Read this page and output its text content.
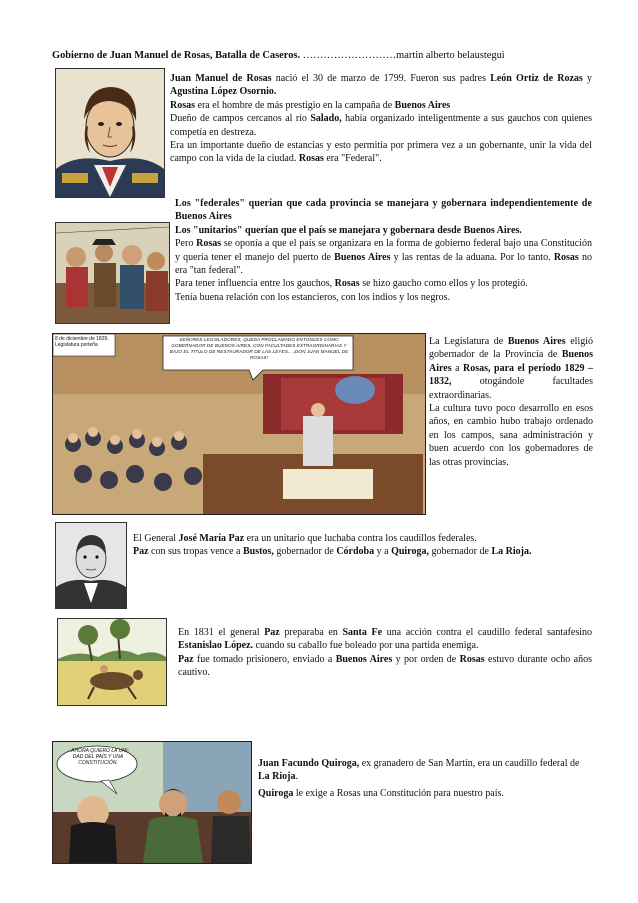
Gobierno de Juan Manuel de Rosas, Batalla de Caseros. ………………………martin alberto belaustegui

Juan Manuel de Rosas nació el 30 de marzo de 1799. Fueron sus padres León Ortiz de Rozas y Agustina López Osornio.

Rosas era el hombre de más prestigio en la campaña de Buenos Aires

Dueño de campos cercanos al río Salado, había organizado inteligentmente a sus gauchos con quienes competía en destreza.

Era un importante dueño de estancias y esto permitía por primera vez a un gobernante, unir la vida del campo con la vida de la ciudad. Rosas era "Federal".

Los "federales" querían que cada provincia se manejara y gobernara independientemente de Buenos Aires

Los "unitarios" querían que el país se manejara y gobernara desde Buenos Aires.

Pero Rosas se oponía a que el país se organizara en la forma de gobierno federal bajo una Constitución y quería tener el manejo del puerto de Buenos Aires y las rentas de la aduana. Por lo tanto. Rosas no era "tan federal".

Para tener influencia entre los gauchos, Rosas se hizo gaucho como ellos y los protegió.

Tenía buena relación con los estancieros, con los indios y los negros.

8 de diciembre de 1829. Legislatura porteña
SEÑORES LEGISLADORES, QUEDA PROCLAMADO ENTONCES COMO GOBERNADOR DE BUENOS AIRES, CON FACULTADES EXTRAORDINARIAS Y BAJO EL TÍTULO DE RESTAURADOR DE LAS LEYES... ¡DON JUAN MANUEL DE ROSAS!

La Legislatura de Buenos Aires eligió gobernador de la Provincia de Buenos Aires a Rosas, para el período 1829 – 1832, otogándole facultades extraordinarias.

La cultura tuvo poco desarrollo en esos años, en cambio hubo trabajo ordenado en los campos, sana administración y buen acuerdo con los gobernadores de las otras provincias.

El General José María Paz era un unitario que luchaba contra los caudillos federales.

Paz con sus tropas vence a Bustos, gobernador de Córdoba y a Quiroga, gobernador de La Rioja.

En 1831 el general Paz preparaba en Santa Fe una acción contra el caudillo federal santafesino Estanislao López. cuando su caballo fue boleado por una partida enemiga.

Paz fue tomado prisionero, enviado a Buenos Aires y por orden de Rosas estuvo durante ocho años cautivo.

...AHORA QUIERO LA UNI-DAD DEL PAÍS Y UNA CONSTITUCIÓN.	Juan Facundo Quiroga, ex granadero de San Martín, era un caudillo federal de La Rioja.

Quiroga le exige a Rosas una Constitución para nuestro país.
